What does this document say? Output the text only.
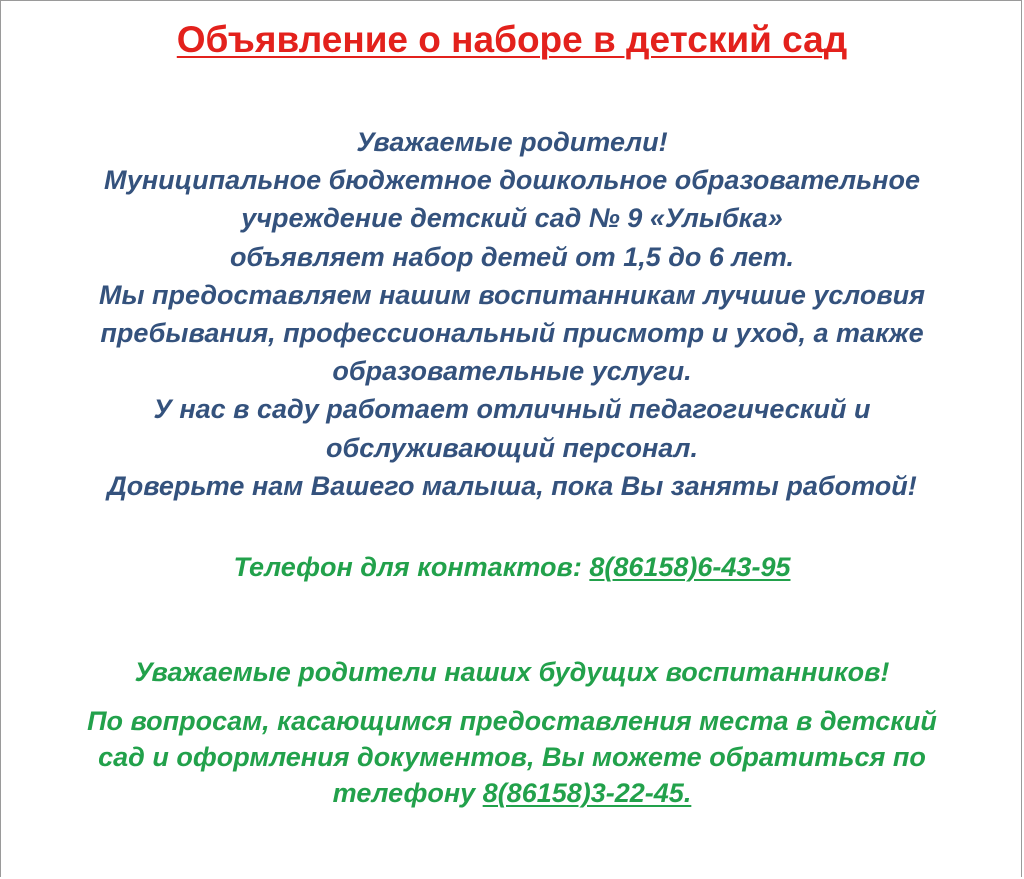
Объявление о наборе в детский сад

Уважаемые родители!
Муниципальное бюджетное дошкольное образовательное
учреждение детский сад № 9 «Улыбка»
объявляет набор детей от 1,5 до 6 лет.
Мы предоставляем нашим воспитанникам лучшие условия
пребывания, профессиональный присмотр и уход, а также
образовательные услуги.
У нас в саду работает отличный педагогический и
обслуживающий персонал.
Доверьте нам Вашего малыша, пока Вы заняты работой!

Телефон для контактов: 8(86158)6-43-95

Уважаемые родители наших будущих воспитанников!

По вопросам, касающимся предоставления места в детский
сад и оформления документов, Вы можете обратиться по
телефону 8(86158)3-22-45.
